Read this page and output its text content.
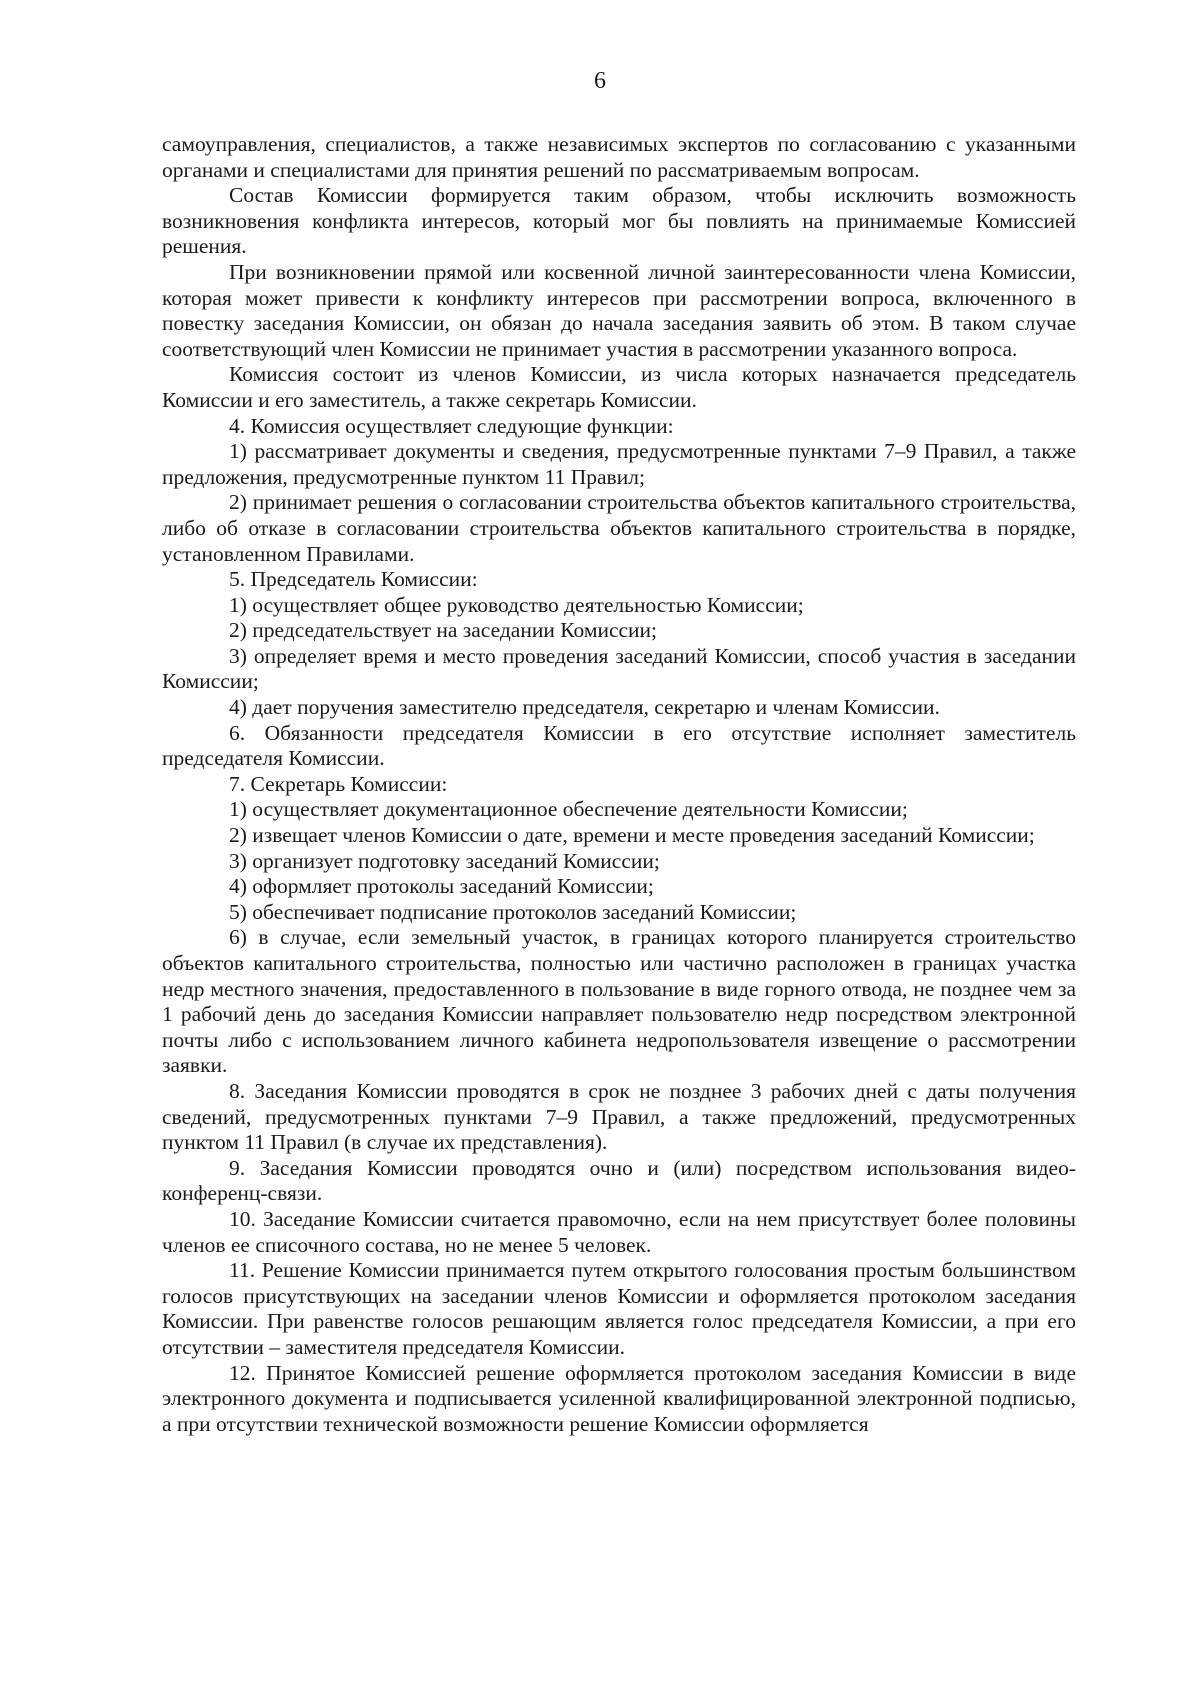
6

самоуправления, специалистов, а также независимых экспертов по согласованию с указанными органами и специалистами для принятия решений по рассматриваемым вопросам.

Состав Комиссии формируется таким образом, чтобы исключить возможность возникновения конфликта интересов, который мог бы повлиять на принимаемые Комиссией решения.

При возникновении прямой или косвенной личной заинтересованности члена Комиссии, которая может привести к конфликту интересов при рассмотрении вопроса, включенного в повестку заседания Комиссии, он обязан до начала заседания заявить об этом. В таком случае соответствующий член Комиссии не принимает участия в рассмотрении указанного вопроса.

Комиссия состоит из членов Комиссии, из числа которых назначается председатель Комиссии и его заместитель, а также секретарь Комиссии.

4. Комиссия осуществляет следующие функции:

1) рассматривает документы и сведения, предусмотренные пунктами 7–9 Правил, а также предложения, предусмотренные пунктом 11 Правил;

2) принимает решения о согласовании строительства объектов капитального строительства, либо об отказе в согласовании строительства объектов капитального строительства в порядке, установленном Правилами.

5. Председатель Комиссии:

1) осуществляет общее руководство деятельностью Комиссии;

2) председательствует на заседании Комиссии;

3) определяет время и место проведения заседаний Комиссии, способ участия в заседании Комиссии;

4) дает поручения заместителю председателя, секретарю и членам Комиссии.

6. Обязанности председателя Комиссии в его отсутствие исполняет заместитель председателя Комиссии.

7. Секретарь Комиссии:

1) осуществляет документационное обеспечение деятельности Комиссии;

2) извещает членов Комиссии о дате, времени и месте проведения заседаний Комиссии;

3) организует подготовку заседаний Комиссии;

4) оформляет протоколы заседаний Комиссии;

5) обеспечивает подписание протоколов заседаний Комиссии;

6) в случае, если земельный участок, в границах которого планируется строительство объектов капитального строительства, полностью или частично расположен в границах участка недр местного значения, предоставленного в пользование в виде горного отвода, не позднее чем за 1 рабочий день до заседания Комиссии направляет пользователю недр посредством электронной почты либо с использованием личного кабинета недропользователя извещение о рассмотрении заявки.

8. Заседания Комиссии проводятся в срок не позднее 3 рабочих дней с даты получения сведений, предусмотренных пунктами 7–9 Правил, а также предложений, предусмотренных пунктом 11 Правил (в случае их представления).

9. Заседания Комиссии проводятся очно и (или) посредством использования видео-конференц-связи.

10. Заседание Комиссии считается правомочно, если на нем присутствует более половины членов ее списочного состава, но не менее 5 человек.

11. Решение Комиссии принимается путем открытого голосования простым большинством голосов присутствующих на заседании членов Комиссии и оформляется протоколом заседания Комиссии. При равенстве голосов решающим является голос председателя Комиссии, а при его отсутствии – заместителя председателя Комиссии.

12. Принятое Комиссией решение оформляется протоколом заседания Комиссии в виде электронного документа и подписывается усиленной квалифицированной электронной подписью, а при отсутствии технической возможности решение Комиссии оформляется
